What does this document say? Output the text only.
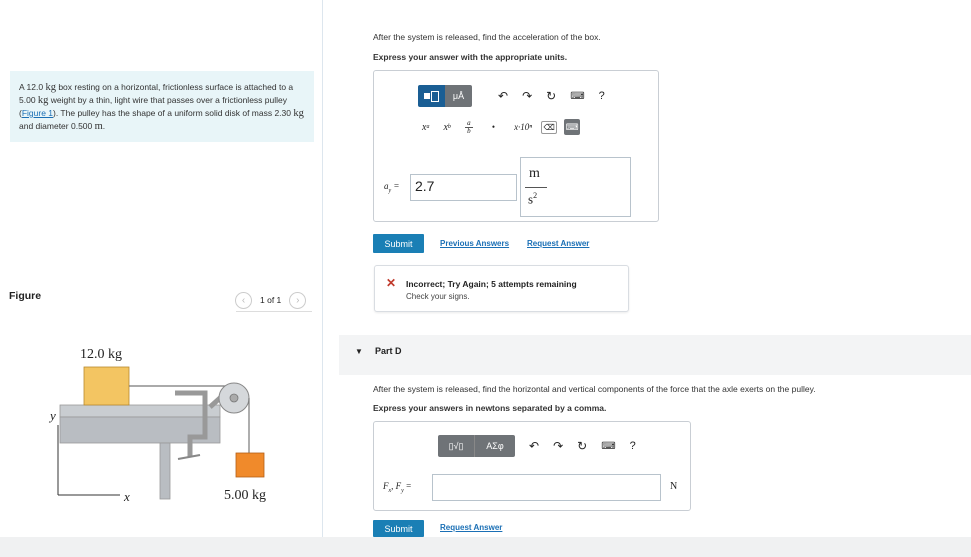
A 12.0 kg box resting on a horizontal, frictionless surface is attached to a 5.00 kg weight by a thin, light wire that passes over a frictionless pulley (Figure 1). The pulley has the shape of a uniform solid disk of mass 2.30 kg and diameter 0.500 m.
Figure	‹	1 of 1	›
12.0 kg
5.00 kg
y
x
After the system is released, find the acceleration of the box.
Express your answer with the appropriate units.
μÅ	↶ ↷ ↻ ⌨ ?
x a x b
a
b • x·10ⁿ ⌫ ⌨
$a_y$ =	2.7
m
$s^2$
Submit	Previous Answers Request Answer
✕ Incorrect; Try Again; 5 attempts remaining
Check your signs.
▼ Part D
After the system is released, find the horizontal and vertical components of the force that the axle exerts on the pulley.
Express your answers in newtons separated by a comma.
▯√▯	ΑΣφ	↶ ↷ ↻ ⌨ ?
$F_x$, $F_y$ =	N
Submit	Request Answer
